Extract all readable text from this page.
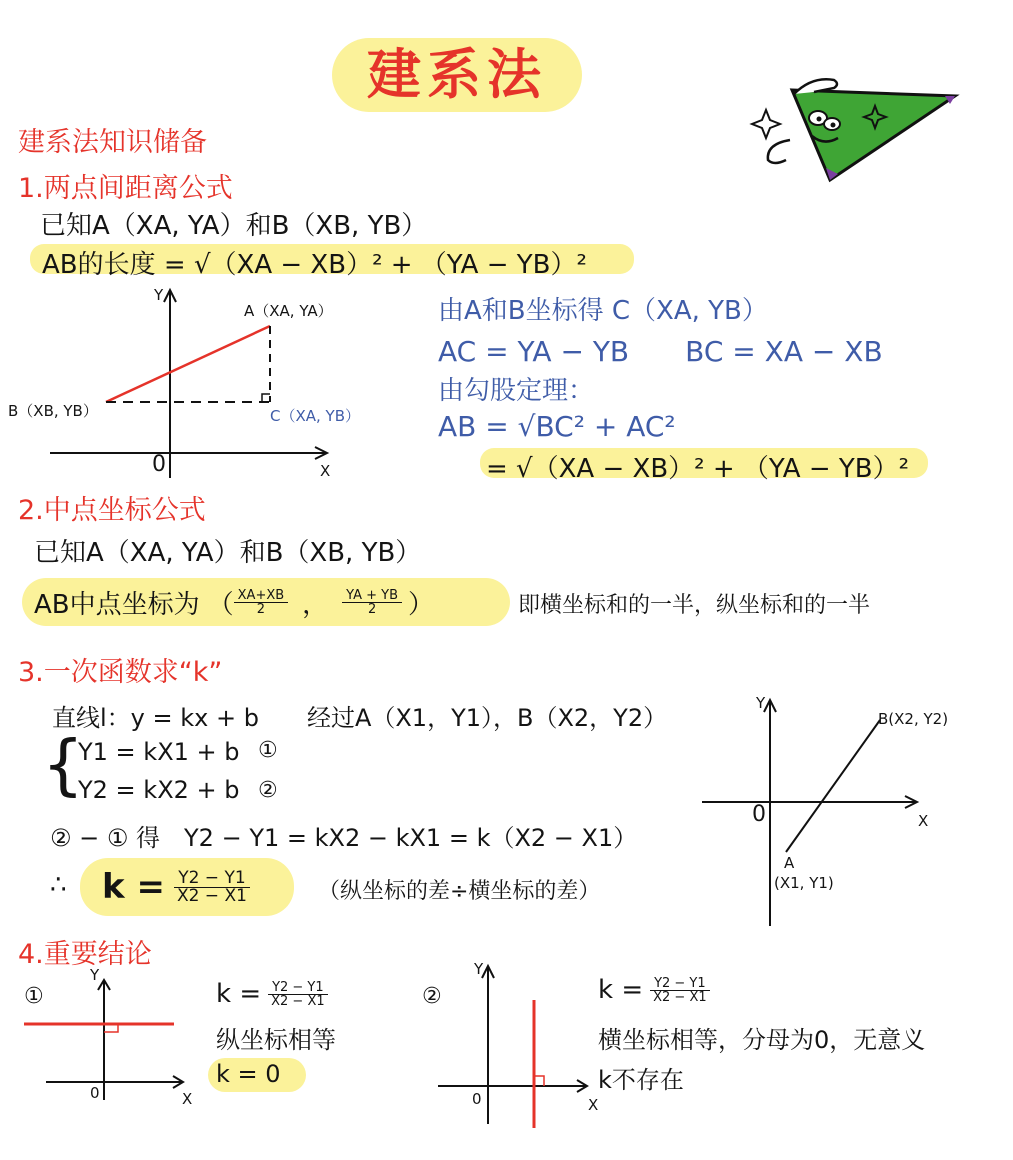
建系法
建系法知识储备
1.两点间距离公式
已知A（XA, YA）和B（XB, YB）
AB的长度 = √（XA − XB）² + （YA − YB）²
Y
X
0
A（XA, YA）
B（XB, YB）	C（XA, YB）
由A和B坐标得 C（XA, YB）
AC = YA − YB　　BC = XA − XB
由勾股定理：
AB = √BC² + AC²
= √（XA − XB）² + （YA − YB）²
2.中点坐标公式
已知A（XA, YA）和B（XB, YB）
AB中点坐标为 （ $\frac{XA+XB}{2}$ ， $\frac{YA + YB}{2}$ ）	即横坐标和的一半，纵坐标和的一半
3.一次函数求“k”
直线l：y = kx + b　　经过A（X1，Y1），B（X2，Y2）
{
Y1 = kX1 + b ①
Y2 = kX2 + b ②
② − ① 得　Y2 − Y1 = kX2 − kX1 = k（X2 − X1）
∴ $k = \frac{Y2 - Y1}{X2 - X1}$	（纵坐标的差÷横坐标的差）
Y
X
0
B(X2, Y2)
A
(X1, Y1)
4.重要结论
①
Y
X
0
$k = \frac{Y2 - Y1}{X2 - X1}$
纵坐标相等
k = 0
②
Y
X
0
$k = \frac{Y2 - Y1}{X2 - X1}$
横坐标相等，分母为0，无意义
k不存在
